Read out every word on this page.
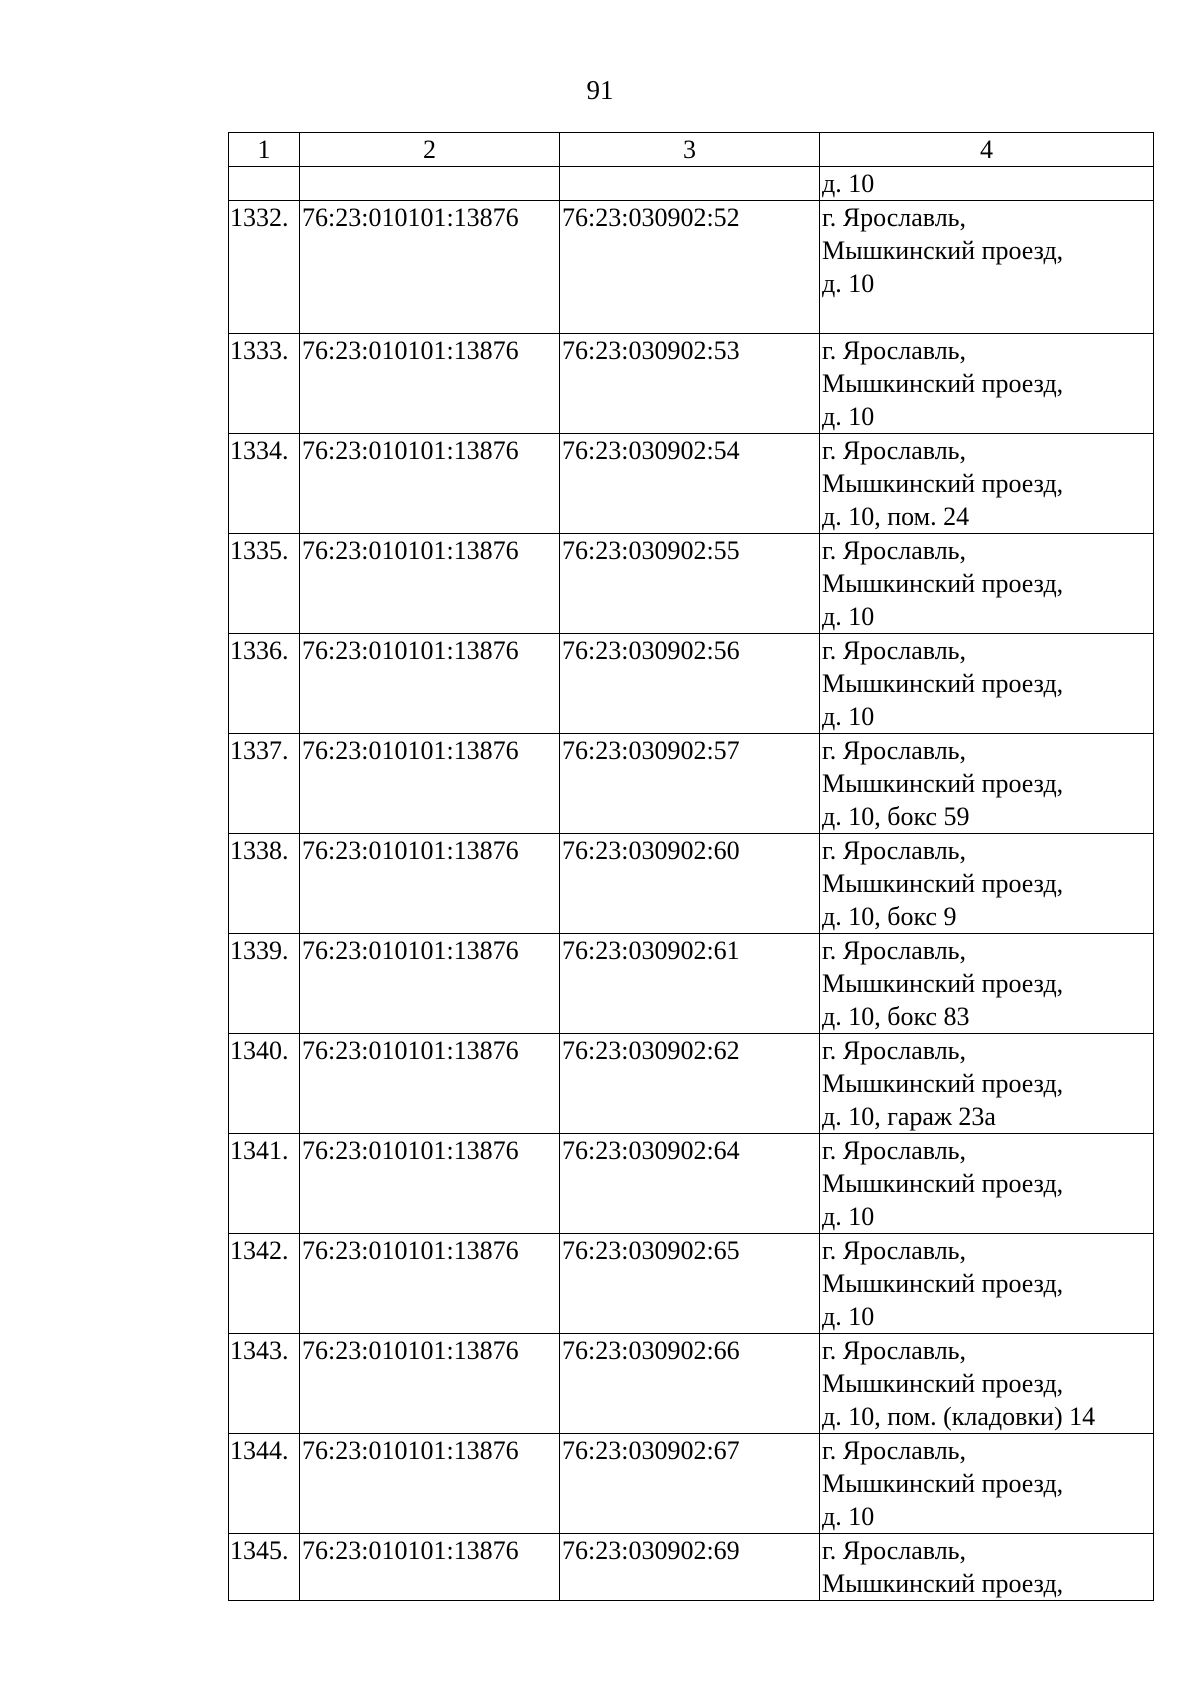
91
1	2	3	4

			д. 10

1332.	76:23:010101:13876	76:23:030902:52	г. Ярославль,
Мышкинский проезд,
д. 10

1333.	76:23:010101:13876	76:23:030902:53	г. Ярославль,
Мышкинский проезд,
д. 10

1334.	76:23:010101:13876	76:23:030902:54	г. Ярославль,
Мышкинский проезд,
д. 10, пом. 24

1335.	76:23:010101:13876	76:23:030902:55	г. Ярославль,
Мышкинский проезд,
д. 10

1336.	76:23:010101:13876	76:23:030902:56	г. Ярославль,
Мышкинский проезд,
д. 10

1337.	76:23:010101:13876	76:23:030902:57	г. Ярославль,
Мышкинский проезд,
д. 10, бокс 59

1338.	76:23:010101:13876	76:23:030902:60	г. Ярославль,
Мышкинский проезд,
д. 10, бокс 9

1339.	76:23:010101:13876	76:23:030902:61	г. Ярославль,
Мышкинский проезд,
д. 10, бокс 83

1340.	76:23:010101:13876	76:23:030902:62	г. Ярославль,
Мышкинский проезд,
д. 10, гараж 23а

1341.	76:23:010101:13876	76:23:030902:64	г. Ярославль,
Мышкинский проезд,
д. 10

1342.	76:23:010101:13876	76:23:030902:65	г. Ярославль,
Мышкинский проезд,
д. 10

1343.	76:23:010101:13876	76:23:030902:66	г. Ярославль,
Мышкинский проезд,
д. 10, пом. (кладовки) 14

1344.	76:23:010101:13876	76:23:030902:67	г. Ярославль,
Мышкинский проезд,
д. 10

1345.	76:23:010101:13876	76:23:030902:69	г. Ярославль,
Мышкинский проезд,
